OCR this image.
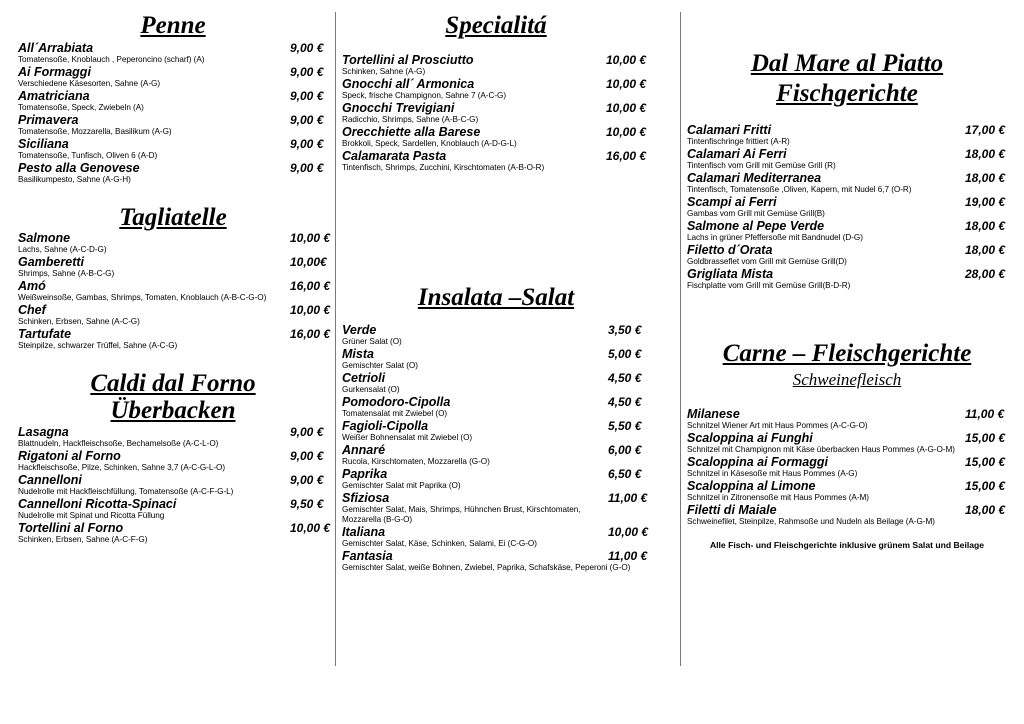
Penne
All´Arrabiata	9,00 €
Tomatensoße, Knoblauch , Peperoncino (scharf) (A)
Ai Formaggi	9,00 €
Verschiedene Käsesorten, Sahne (A-G)
Amatriciana	9,00 €
Tomatensoße, Speck, Zwiebeln (A)
Primavera	9,00 €
Tomatensoße, Mozzarella, Basilikum (A-G)
Siciliana	9,00 €
Tomatensoße, Tunfisch, Oliven 6 (A-D)
Pesto alla Genovese	9,00 €
Basilikumpesto, Sahne (A-G-H)
Tagliatelle
Salmone	10,00 €
Lachs, Sahne (A-C-D-G)
Gamberetti	10,00€
Shrimps, Sahne (A-B-C-G)
Amó	16,00 €
Weißweinsoße, Gambas, Shrimps, Tomaten, Knoblauch (A-B-C-G-O)
Chef	10,00 €
Schinken, Erbsen, Sahne (A-C-G)
Tartufate	16,00 €
Steinpilze, schwarzer Trüffel, Sahne (A-C-G)
Caldi dal Forno
Überbacken
Lasagna	9,00 €
Blattnudeln, Hackfleischsoße, Bechamelsoße (A-C-L-O)
Rigatoni al Forno	9,00 €
Hackfleischsoße, Pilze, Schinken, Sahne 3,7 (A-C-G-L-O)
Cannelloni	9,00 €
Nudelrolle mit Hackfleischfüllung, Tomatensoße (A-C-F-G-L)
Cannelloni Ricotta-Spinaci	9,50 €
Nudelrolle mit Spinat und Ricotta Füllung
Tortellini al Forno	10,00 €
Schinken, Erbsen, Sahne (A-C-F-G)
Specialitá
Tortellini al Prosciutto	10,00 €
Schinken, Sahne (A-G)
Gnocchi all´ Armonica	10,00 €
Speck, frische Champignon, Sahne 7 (A-C-G)
Gnocchi Trevigiani	10,00 €
Radicchio, Shrimps, Sahne (A-B-C-G)
Orecchiette alla Barese	10,00 €
Brokkoli, Speck, Sardellen, Knoblauch (A-D-G-L)
Calamarata Pasta	16,00 €
Tintenfisch, Shrimps, Zucchini, Kirschtomaten (A-B-O-R)
Insalata –Salat
Verde	3,50 €
Grüner Salat (O)
Mista	5,00 €
Gemischter Salat (O)
Cetrioli	4,50 €
Gurkensalat (O)
Pomodoro-Cipolla	4,50 €
Tomatensalat mit Zwiebel (O)
Fagioli-Cipolla	5,50 €
Weißer Bohnensalat mit Zwiebel (O)
Annaré	6,00 €
Rucola, Kirschtomaten, Mozzarella (G-O)
Paprika	6,50 €
Gemischter Salat mit Paprika (O)
Sfiziosa	11,00 €
Gemischter Salat, Mais, Shrimps, Hühnchen Brust, Kirschtomaten, Mozzarella (B-G-O)
Italiana	10,00 €
Gemischter Salat, Käse, Schinken, Salami, Ei (C-G-O)
Fantasia	11,00 €
Gemischter Salat, weiße Bohnen, Zwiebel, Paprika, Schafskäse, Peperoni (G-O)
Dal Mare al Piatto
Fischgerichte
Calamari Fritti	17,00 €
Tintenfischringe frittiert (A-R)
Calamari Ai Ferri	18,00 €
Tintenfisch vom Grill mit Gemüse Grill (R)
Calamari Mediterranea	18,00 €
Tintenfisch, Tomatensoße ,Oliven, Kapern, mit Nudel 6,7 (O-R)
Scampi ai Ferri	19,00 €
Gambas vom Grill mit Gemüse Grill(B)
Salmone al Pepe Verde	18,00 €
Lachs in grüner Pfeffersoße mit Bandnudel (D-G)
Filetto d´Orata	18,00 €
Goldbrasseflet vom Grill mit Gemüse Grill(D)
Grigliata Mista	28,00 €
Fischplatte vom Grill mit Gemüse Grill(B-D-R)
Carne – Fleischgerichte
Schweinefleisch
Milanese	11,00 €
Schnitzel Wiener Art mit Haus Pommes (A-C-G-O)
Scaloppina ai Funghi	15,00 €
Schnitzel mit Champignon mit Käse überbacken Haus Pommes (A-G-O-M)
Scaloppina ai Formaggi	15,00 €
Schnitzel in Käsesoße mit Haus Pommes (A-G)
Scaloppina al Limone	15,00 €
Schnitzel in Zitronensoße mit Haus Pommes (A-M)
Filetti di Maiale	18,00 €
Schweinefilet, Steinpilze, Rahmsoße und Nudeln als Beilage (A-G-M)
Alle Fisch- und Fleischgerichte inklusive grünem Salat und Beilage
